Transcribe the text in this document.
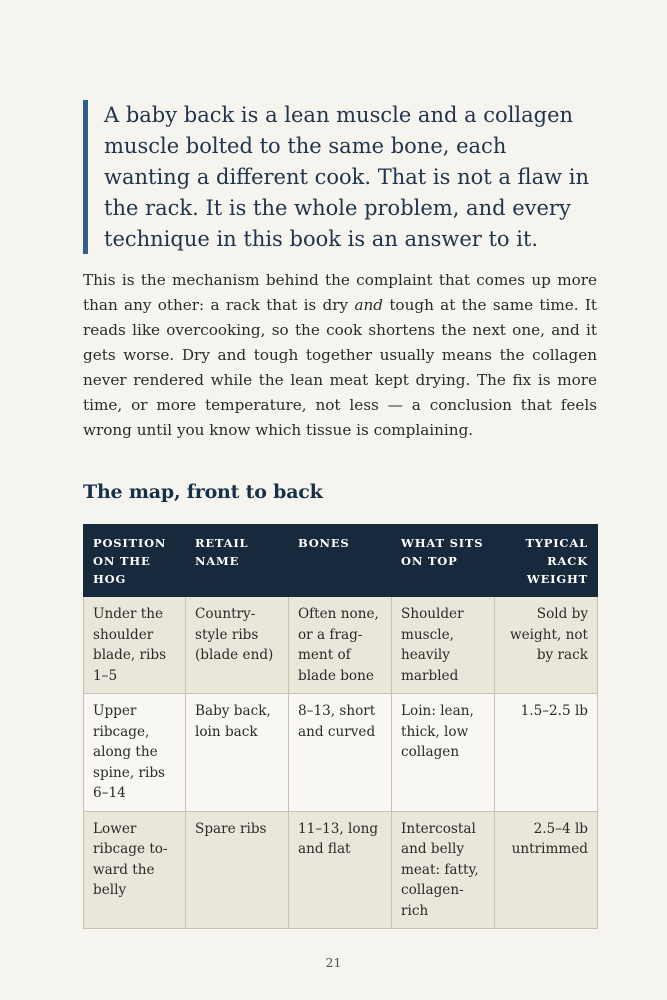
A baby back is a lean muscle and a collagen muscle bolted to the same bone, each wanting a different cook. That is not a flaw in the rack. It is the whole problem, and every technique in this book is an answer to it.

This is the mechanism behind the complaint that comes up more than any other: a rack that is dry and tough at the same time. It reads like overcooking, so the cook shortens the next one, and it gets worse. Dry and tough together usually means the collagen never rendered while the lean meat kept drying. The fix is more time, or more temperature, not less — a conclusion that feels wrong until you know which tissue is complaining.

The map, front to back
POSITION ON THE HOG	RETAIL NAME	BONES	WHAT SITS ON TOP	TYPICAL RACK WEIGHT
Under the shoulder blade, ribs 1–5	Country-style ribs (blade end)	Often none, or a frag-ment of blade bone	Shoulder muscle, heavily marbled	Sold by weight, not by rack
Upper ribcage, along the spine, ribs 6–14	Baby back, loin back	8–13, short and curved	Loin: lean, thick, low collagen	1.5–2.5 lb
Lower ribcage to-ward the belly	Spare ribs	11–13, long and flat	Intercostal and belly meat: fatty, collagen-rich	2.5–4 lb untrimmed
21
